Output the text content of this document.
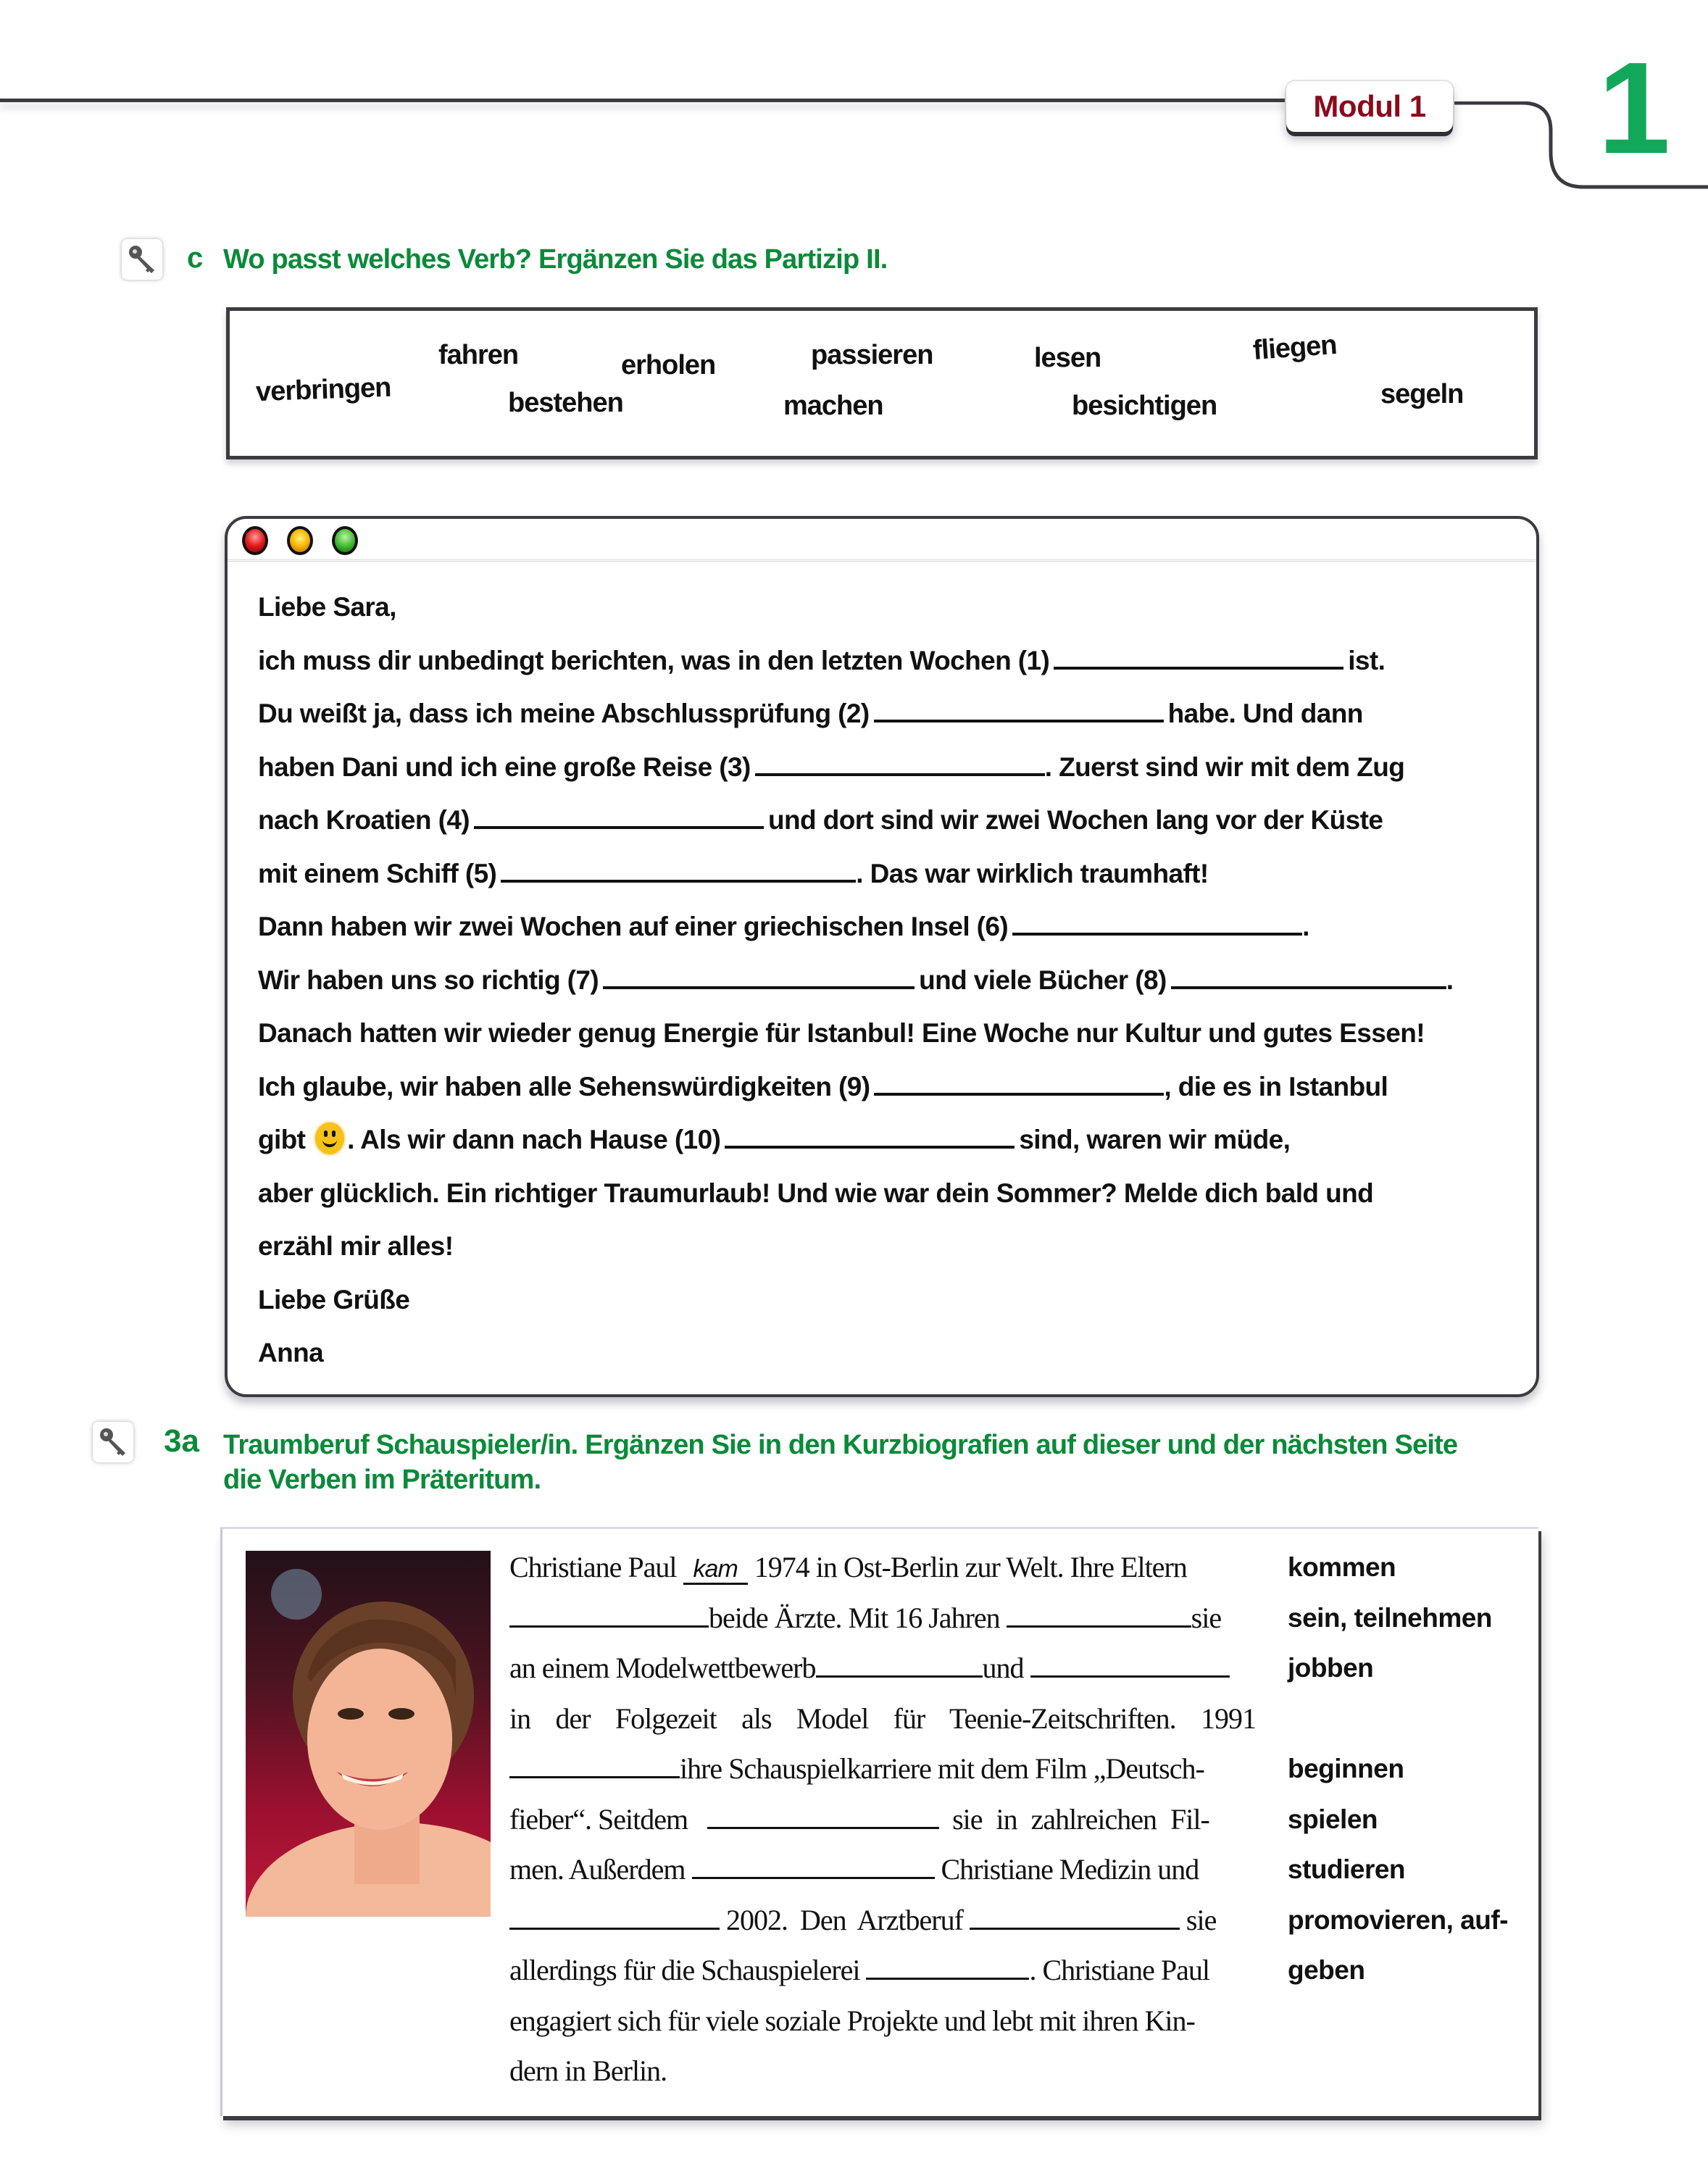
Modul 1 1
c Wo passt welches Verb? Ergänzen Sie das Partizip II.
fahren	erholen	passieren	lesen	fliegen
verbringen	bestehen	machen	besichtigen	segeln
Liebe Sara,
ich muss dir unbedingt berichten, was in den letzten Wochen (1)	ist.
Du weißt ja, dass ich meine Abschlussprüfung (2)	habe. Und dann
haben Dani und ich eine große Reise (3)	. Zuerst sind wir mit dem Zug
nach Kroatien (4)	und dort sind wir zwei Wochen lang vor der Küste
mit einem Schiff (5)	. Das war wirklich traumhaft!
Dann haben wir zwei Wochen auf einer griechischen Insel (6)	.
Wir haben uns so richtig (7)	und viele Bücher (8)	.
Danach hatten wir wieder genug Energie für Istanbul! Eine Woche nur Kultur und gutes Essen!
Ich glaube, wir haben alle Sehenswürdigkeiten (9)	, die es in Istanbul
gibt . Als wir dann nach Hause (10)	sind, waren wir müde,
aber glücklich. Ein richtiger Traumurlaub! Und wie war dein Sommer? Melde dich bald und
erzähl mir alles!
Liebe Grüße
Anna
3a Traumberuf Schauspieler/in. Ergänzen Sie in den Kurzbiografien auf dieser und der nächsten Seite
die Verben im Präteritum.
Christiane Paul kam 1974 in Ost-Berlin zur Welt. Ihre Eltern
beide Ärzte. Mit 16 Jahren	sie
an einem Modelwettbewerb	und
in der Folgezeit als Model für Teenie-Zeitschriften. 1991
ihre Schauspielkarriere mit dem Film „Deutsch-
fieber“. Seitdem	sie in zahlreichen Fil-
men. Außerdem	Christiane Medizin und
2002. Den Arztberuf	sie
allerdings für die Schauspielerei	. Christiane Paul
engagiert sich für viele soziale Projekte und lebt mit ihren Kin-
dern in Berlin.
kommen
sein, teilnehmen
jobben
beginnen
spielen
studieren
promovieren, auf-
geben
